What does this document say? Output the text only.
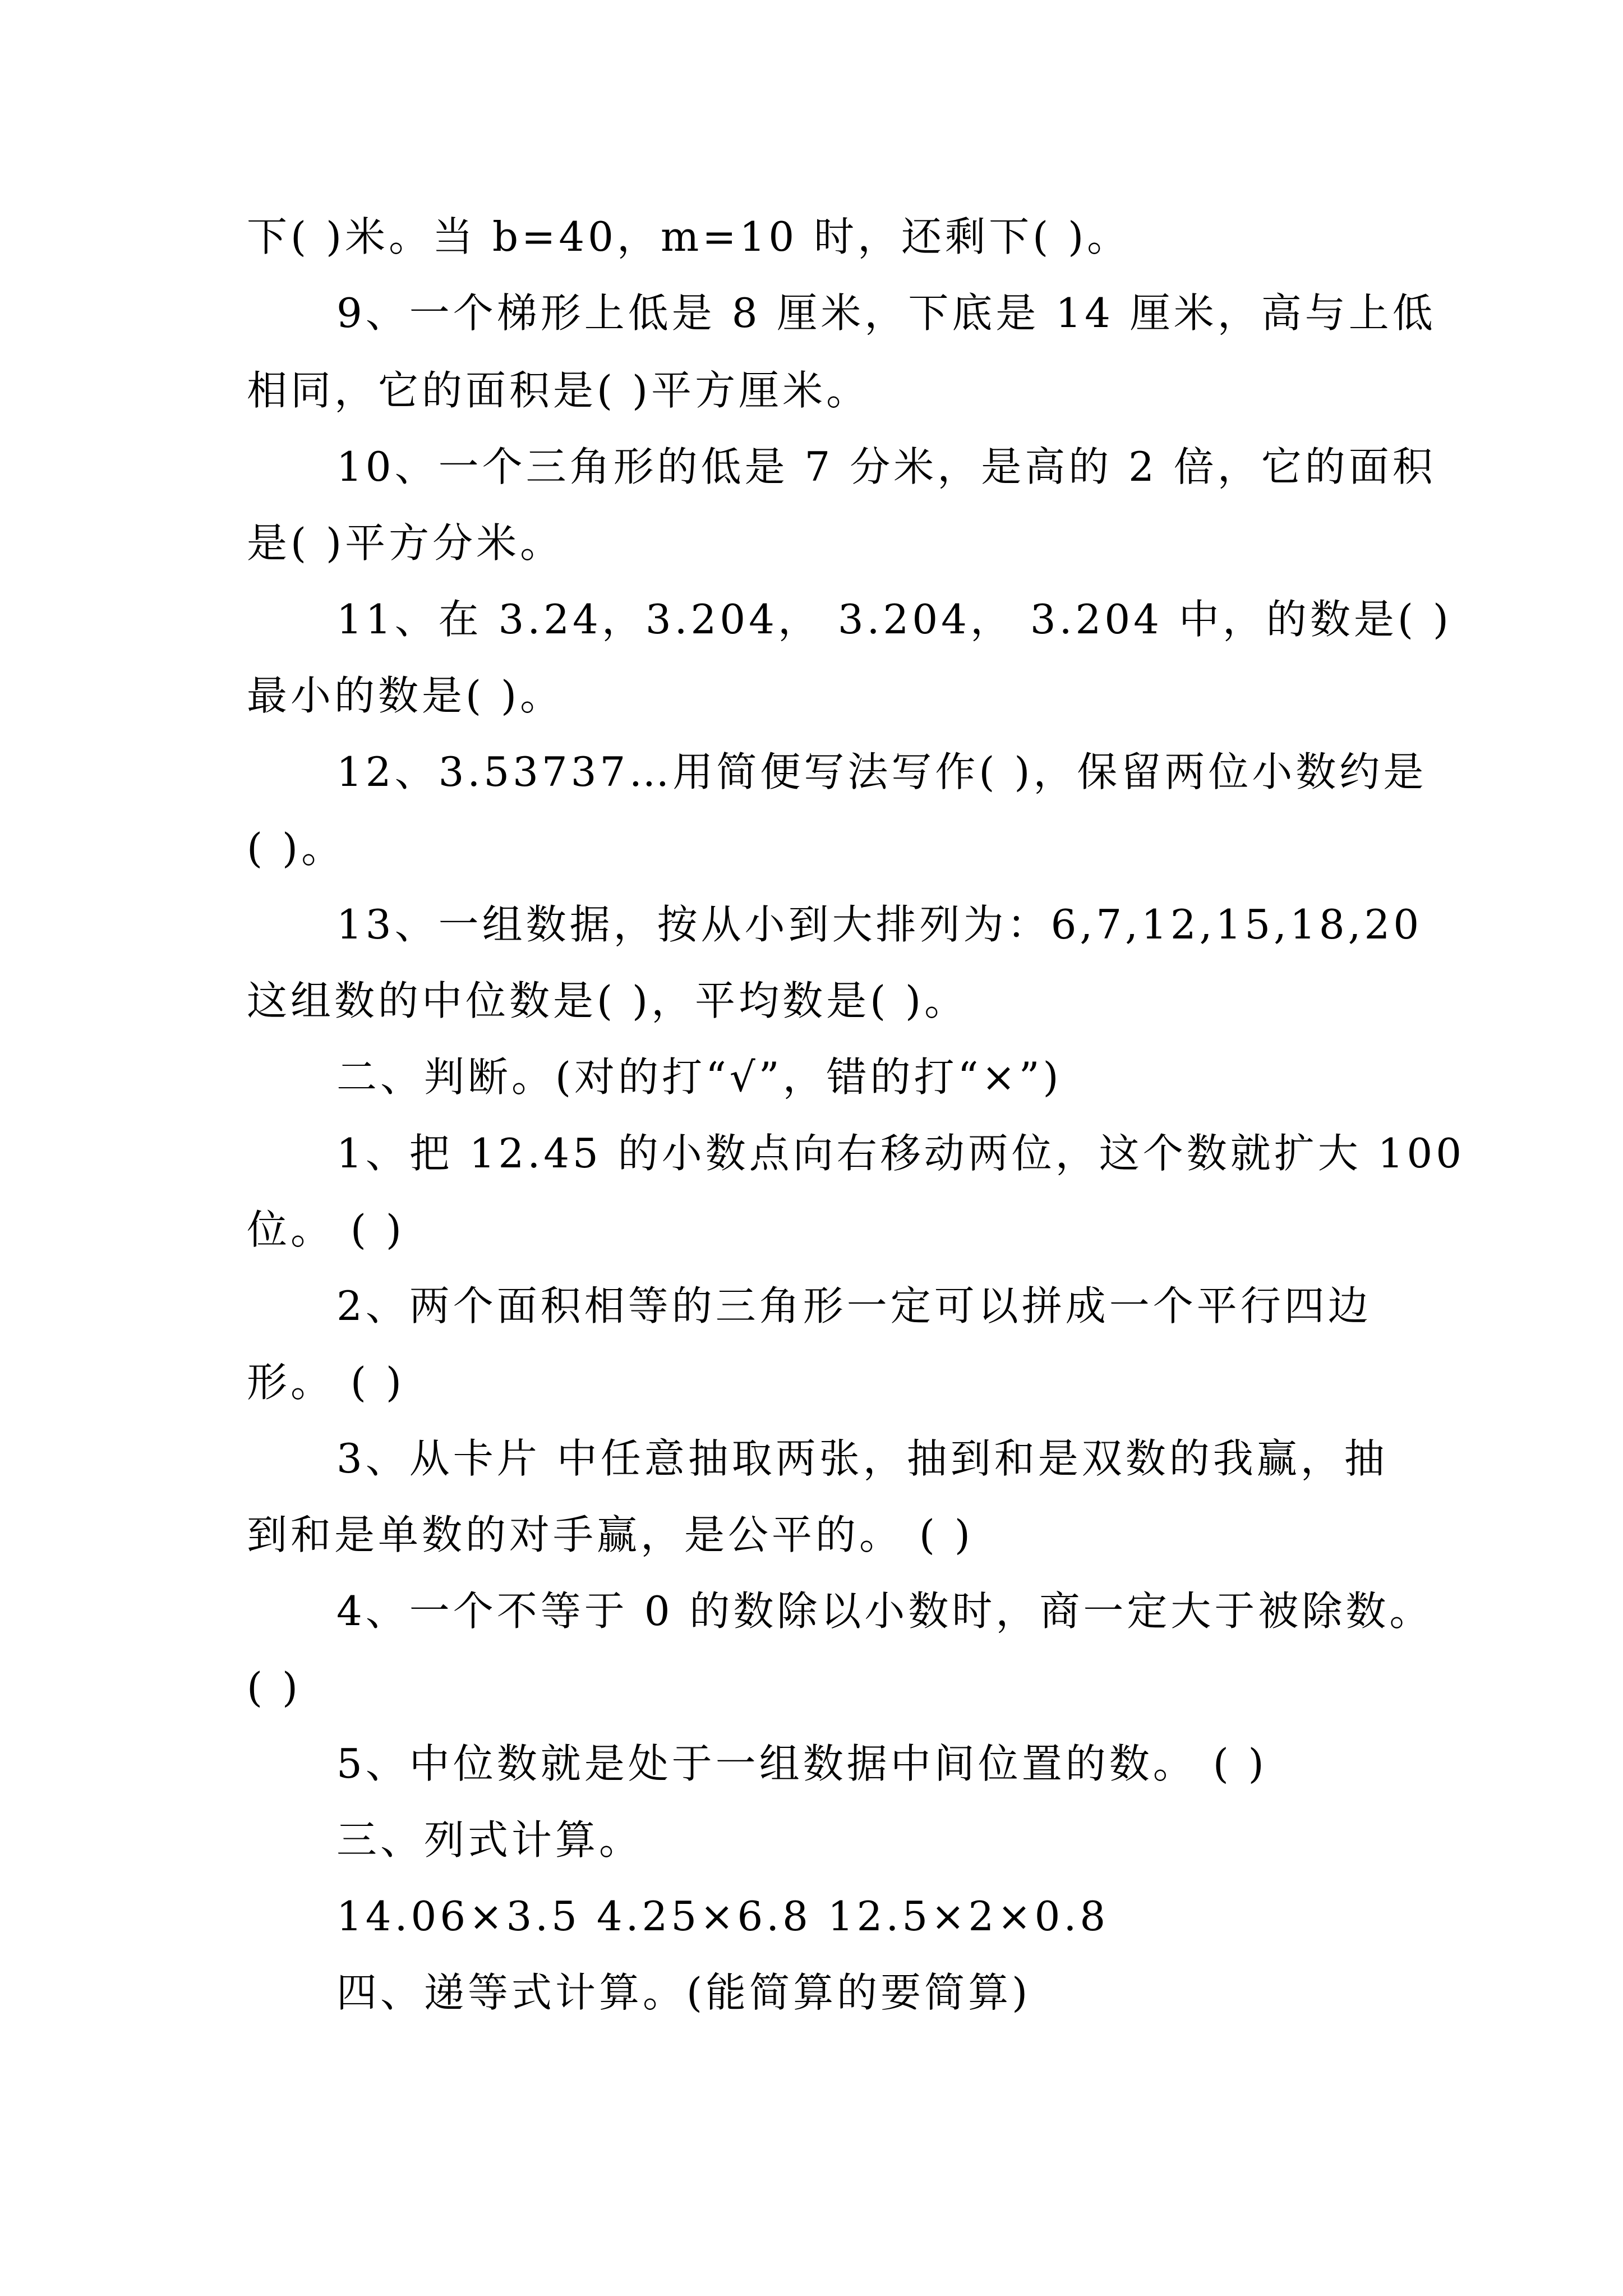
下( )米。当 b=40，m=10 时，还剩下( )。
9、一个梯形上低是 8 厘米，下底是 14 厘米，高与上低
相同，它的面积是( )平方厘米。
10、一个三角形的低是 7 分米，是高的 2 倍，它的面积
是( )平方分米。
11、在 3.24，3.204， 3.204， 3.204 中，的数是( )
最小的数是( )。
12、3.53737…用简便写法写作( )，保留两位小数约是
( )。
13、一组数据，按从小到大排列为：6,7,12,15,18,20
这组数的中位数是( )，平均数是( )。
二、判断。(对的打“√”，错的打“×”)
1、把 12.45 的小数点向右移动两位，这个数就扩大 100
位。 ( )
2、两个面积相等的三角形一定可以拼成一个平行四边
形。 ( )
3、从卡片 中任意抽取两张，抽到和是双数的我赢，抽
到和是单数的对手赢，是公平的。 ( )
4、一个不等于 0 的数除以小数时，商一定大于被除数。
( )
5、中位数就是处于一组数据中间位置的数。 ( )
三、列式计算。
14.06×3.5 4.25×6.8 12.5×2×0.8
四、递等式计算。(能简算的要简算)
